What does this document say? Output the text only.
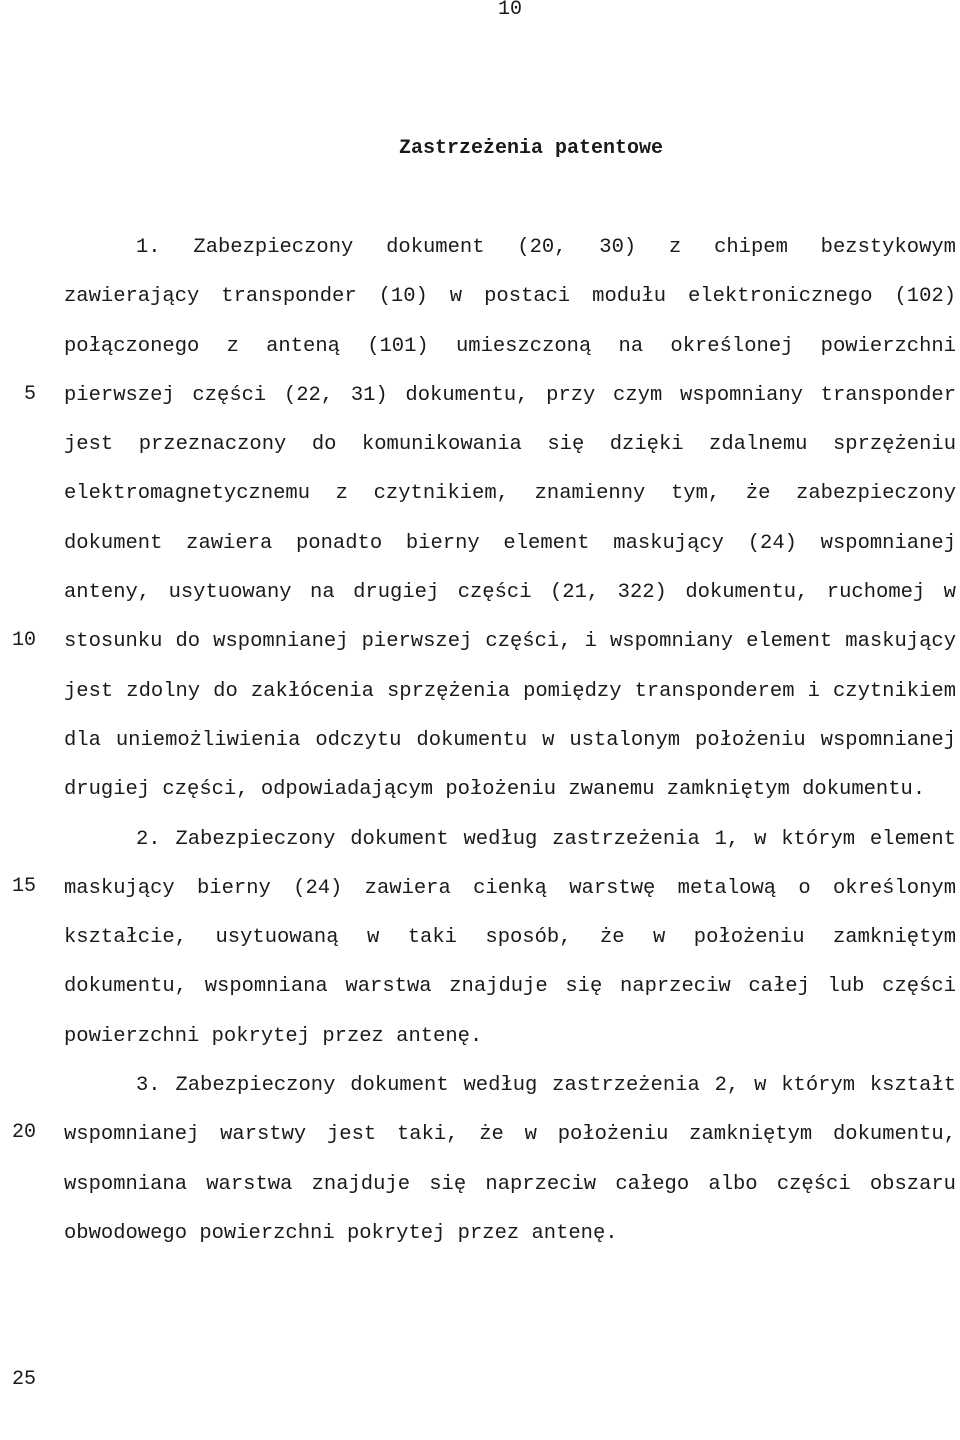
10
Zastrzeżenia patentowe
5
10
15
20
25

1. Zabezpieczony dokument (20, 30) z chipem bezstykowym zawierający transponder (10) w postaci modułu elektronicznego (102) połączonego z anteną (101) umieszczoną na określonej powierzchni pierwszej części (22, 31) dokumentu, przy czym wspomniany transponder jest przeznaczony do komunikowania się dzięki zdalnemu sprzężeniu elektromagnetycznemu z czytnikiem, znamienny tym, że zabezpieczony dokument zawiera ponadto bierny element maskujący (24) wspomnianej anteny, usytuowany na drugiej części (21, 322) dokumentu, ruchomej w stosunku do wspomnianej pierwszej części, i wspomniany element maskujący jest zdolny do zakłócenia sprzężenia pomiędzy transponderem i czytnikiem dla uniemożliwienia odczytu dokumentu w ustalonym położeniu wspomnianej drugiej części, odpowiadającym położeniu zwanemu zamkniętym dokumentu.

2. Zabezpieczony dokument według zastrzeżenia 1, w którym element maskujący bierny (24) zawiera cienką warstwę metalową o określonym kształcie, usytuowaną w taki sposób, że w położeniu zamkniętym dokumentu, wspomniana warstwa znajduje się naprzeciw całej lub części powierzchni pokrytej przez antenę.

3. Zabezpieczony dokument według zastrzeżenia 2, w którym kształt wspomnianej warstwy jest taki, że w położeniu zamkniętym dokumentu, wspomniana warstwa znajduje się naprzeciw całego albo części obszaru obwodowego powierzchni pokrytej przez antenę.
